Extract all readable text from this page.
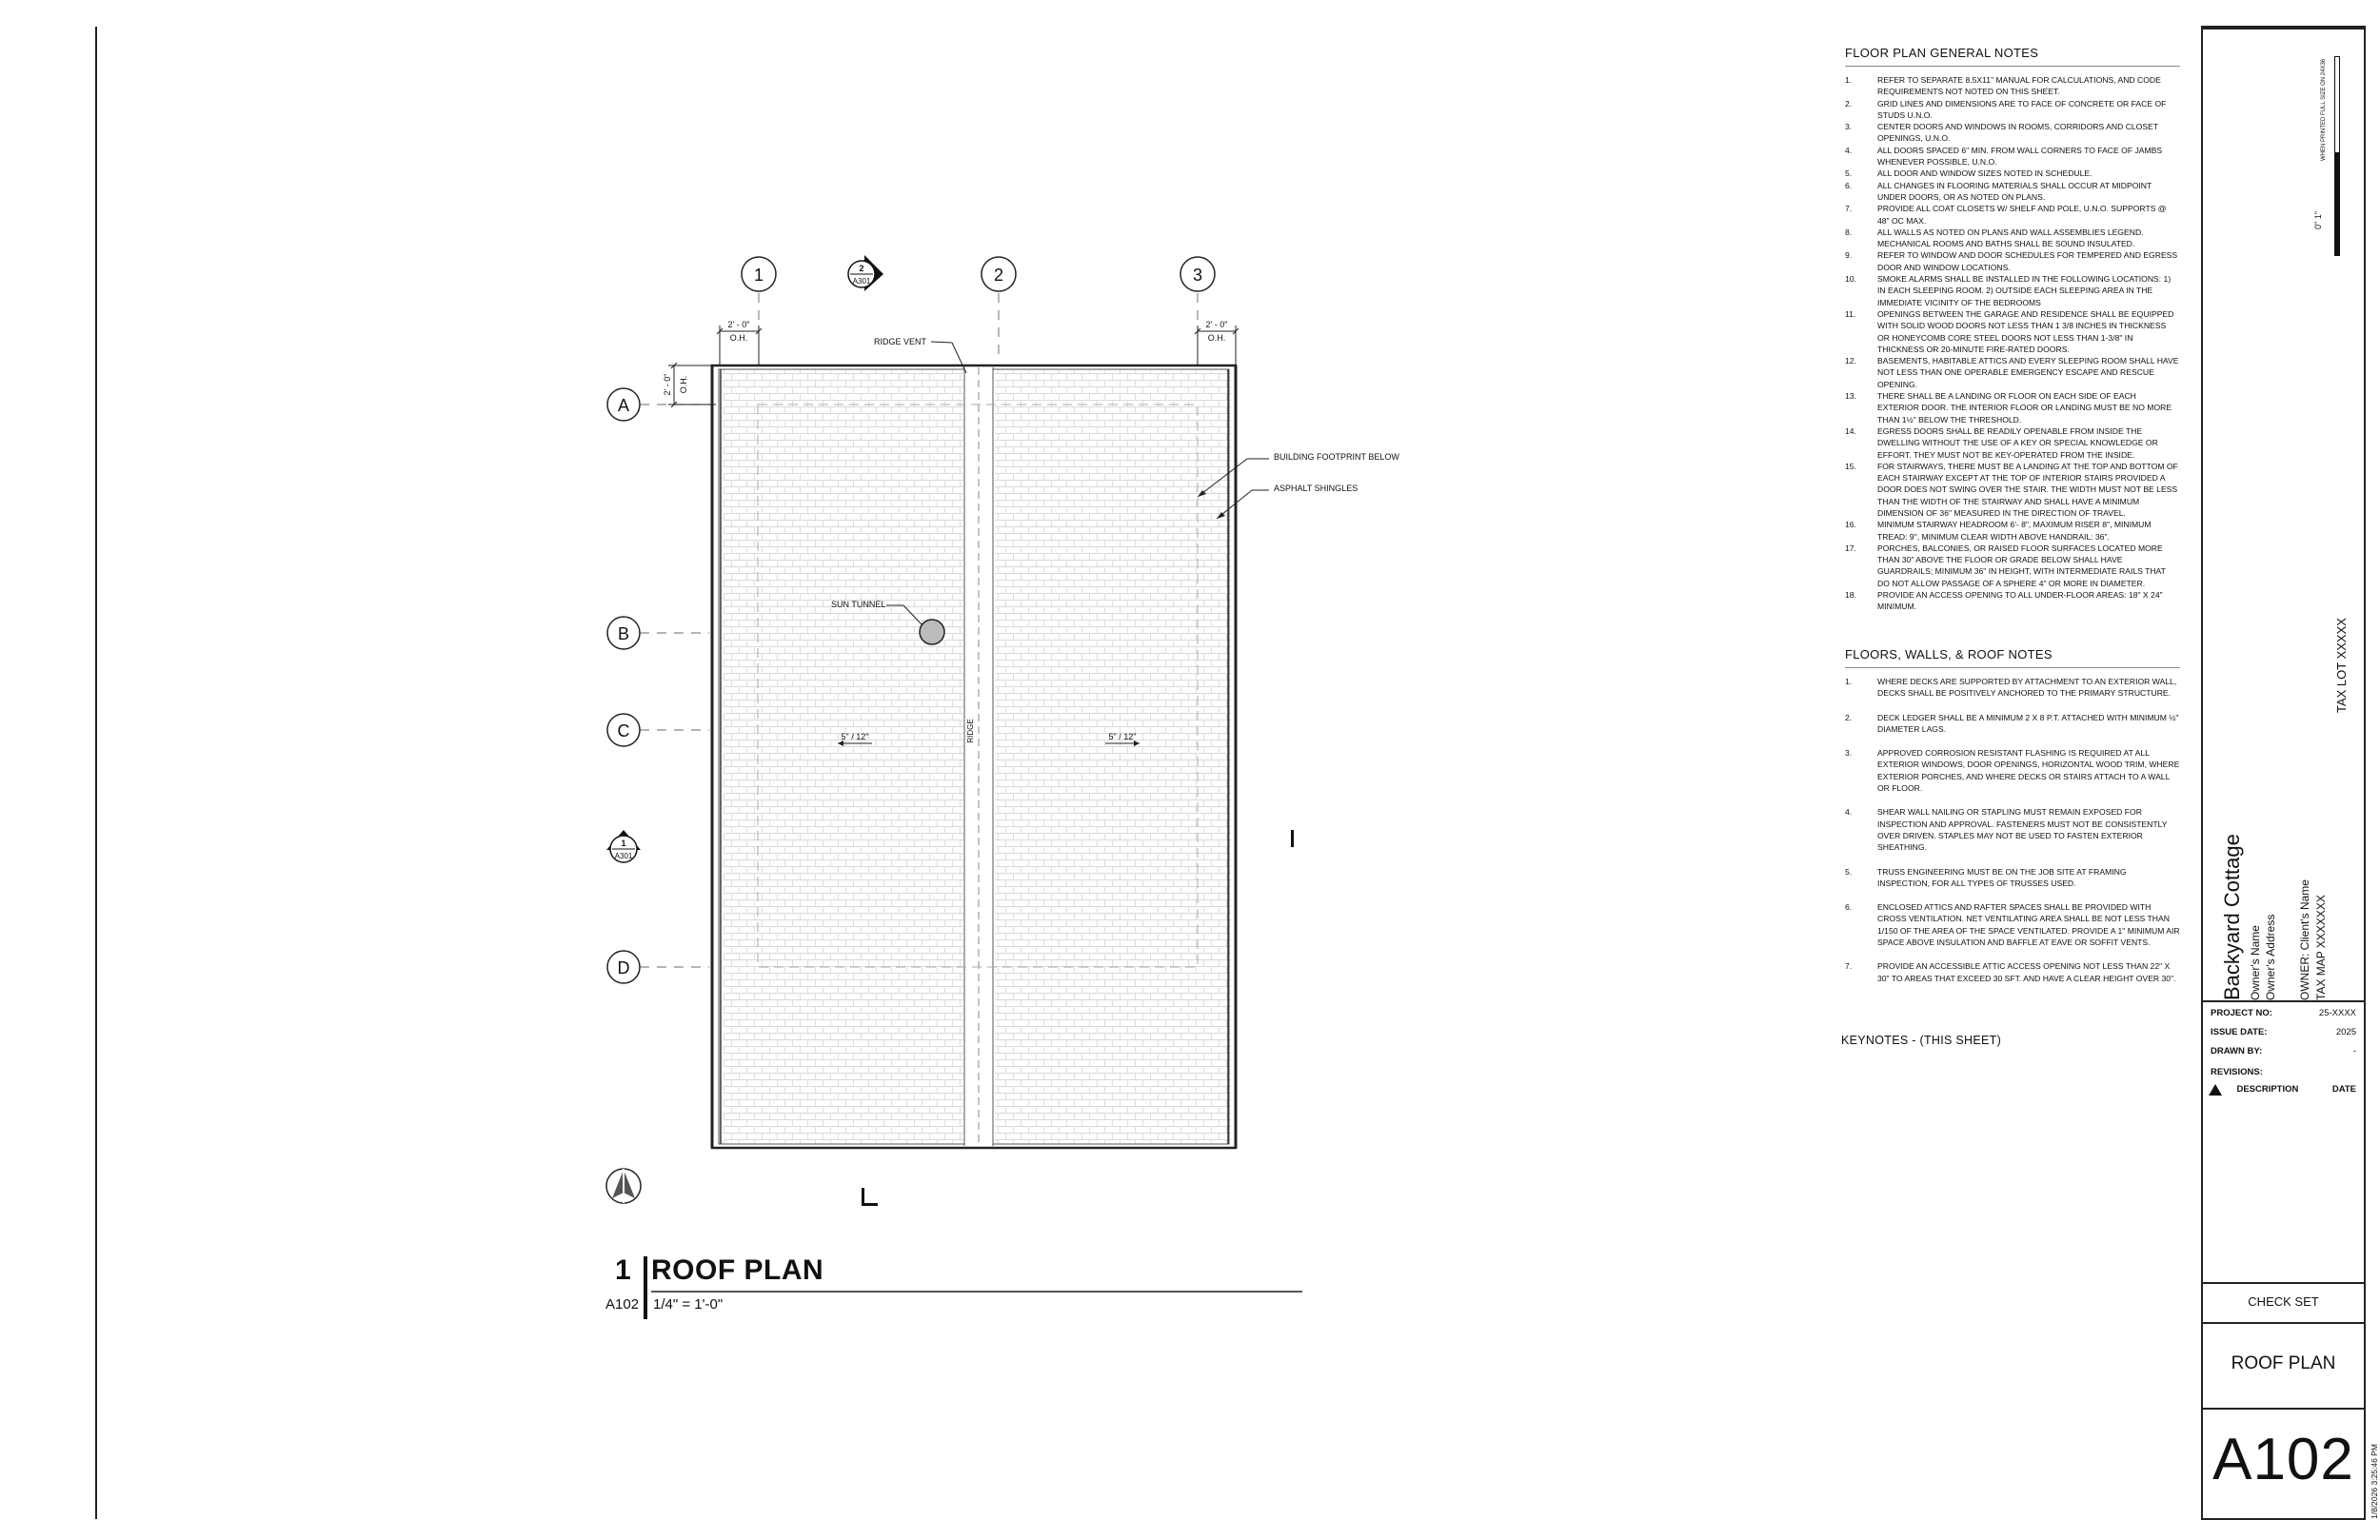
1	2	3
A
B
C
D
2
A301
1
A301
2' - 0"
O.H.
2' - 0"
O.H.
2' - 0" O.H.
RIDGE VENT
BUILDING FOOTPRINT BELOW
ASPHALT SHINGLES
SUN TUNNEL
5" / 12"	5" / 12"
RIDGE
1 ROOF PLAN
A102 1/4" = 1'-0"
FLOOR PLAN GENERAL NOTES
1.	REFER TO SEPARATE 8.5X11" MANUAL FOR CALCULATIONS, AND CODE REQUIREMENTS NOT NOTED ON THIS SHEET.
2.	GRID LINES AND DIMENSIONS ARE TO FACE OF CONCRETE OR FACE OF STUDS U.N.O.
3.	CENTER DOORS AND WINDOWS IN ROOMS, CORRIDORS AND CLOSET OPENINGS, U.N.O.
4.	ALL DOORS SPACED 6" MIN. FROM WALL CORNERS TO FACE OF JAMBS WHENEVER POSSIBLE, U.N.O.
5.	ALL DOOR AND WINDOW SIZES NOTED IN SCHEDULE.
6.	ALL CHANGES IN FLOORING MATERIALS SHALL OCCUR AT MIDPOINT UNDER DOORS, OR AS NOTED ON PLANS.
7.	PROVIDE ALL COAT CLOSETS W/ SHELF AND POLE, U.N.O. SUPPORTS @ 48" OC MAX.
8.	ALL WALLS AS NOTED ON PLANS AND WALL ASSEMBLIES LEGEND. MECHANICAL ROOMS AND BATHS SHALL BE SOUND INSULATED.
9.	REFER TO WINDOW AND DOOR SCHEDULES FOR TEMPERED AND EGRESS DOOR AND WINDOW LOCATIONS.
10.	SMOKE ALARMS SHALL BE INSTALLED IN THE FOLLOWING LOCATIONS: 1) IN EACH SLEEPING ROOM. 2) OUTSIDE EACH SLEEPING AREA IN THE IMMEDIATE VICINITY OF THE BEDROOMS
11.	OPENINGS BETWEEN THE GARAGE AND RESIDENCE SHALL BE EQUIPPED WITH SOLID WOOD DOORS NOT LESS THAN 1 3/8 INCHES IN THICKNESS OR HONEYCOMB CORE STEEL DOORS NOT LESS THAN 1-3/8" IN THICKNESS OR 20-MINUTE FIRE-RATED DOORS.
12.	BASEMENTS, HABITABLE ATTICS AND EVERY SLEEPING ROOM SHALL HAVE NOT LESS THAN ONE OPERABLE EMERGENCY ESCAPE AND RESCUE OPENING.
13.	THERE SHALL BE A LANDING OR FLOOR ON EACH SIDE OF EACH EXTERIOR DOOR. THE INTERIOR FLOOR OR LANDING MUST BE NO MORE THAN 1½" BELOW THE THRESHOLD.
14.	EGRESS DOORS SHALL BE READILY OPENABLE FROM INSIDE THE DWELLING WITHOUT THE USE OF A KEY OR SPECIAL KNOWLEDGE OR EFFORT. THEY MUST NOT BE KEY-OPERATED FROM THE INSIDE.
15.	FOR STAIRWAYS, THERE MUST BE A LANDING AT THE TOP AND BOTTOM OF EACH STAIRWAY EXCEPT AT THE TOP OF INTERIOR STAIRS PROVIDED A DOOR DOES NOT SWING OVER THE STAIR. THE WIDTH MUST NOT BE LESS THAN THE WIDTH OF THE STAIRWAY AND SHALL HAVE A MINIMUM DIMENSION OF 36" MEASURED IN THE DIRECTION OF TRAVEL.
16.	MINIMUM STAIRWAY HEADROOM 6'- 8", MAXIMUM RISER 8", MINIMUM TREAD: 9", MINIMUM CLEAR WIDTH ABOVE HANDRAIL: 36".
17.	PORCHES, BALCONIES, OR RAISED FLOOR SURFACES LOCATED MORE THAN 30" ABOVE THE FLOOR OR GRADE BELOW SHALL HAVE GUARDRAILS; MINIMUM 36" IN HEIGHT, WITH INTERMEDIATE RAILS THAT DO NOT ALLOW PASSAGE OF A SPHERE 4" OR MORE IN DIAMETER.
18.	PROVIDE AN ACCESS OPENING TO ALL UNDER-FLOOR AREAS: 18" X 24" MINIMUM.
FLOORS, WALLS, & ROOF NOTES
1.	WHERE DECKS ARE SUPPORTED BY ATTACHMENT TO AN EXTERIOR WALL, DECKS SHALL BE POSITIVELY ANCHORED TO THE PRIMARY STRUCTURE.
2.	DECK LEDGER SHALL BE A MINIMUM 2 X 8 P.T. ATTACHED WITH MINIMUM ½" DIAMETER LAGS.
3.	APPROVED CORROSION RESISTANT FLASHING IS REQUIRED AT ALL EXTERIOR WINDOWS, DOOR OPENINGS, HORIZONTAL WOOD TRIM, WHERE EXTERIOR PORCHES, AND WHERE DECKS OR STAIRS ATTACH TO A WALL OR FLOOR.
4.	SHEAR WALL NAILING OR STAPLING MUST REMAIN EXPOSED FOR INSPECTION AND APPROVAL. FASTENERS MUST NOT BE CONSISTENTLY OVER DRIVEN. STAPLES MAY NOT BE USED TO FASTEN EXTERIOR SHEATHING.
5.	TRUSS ENGINEERING MUST BE ON THE JOB SITE AT FRAMING INSPECTION, FOR ALL TYPES OF TRUSSES USED.
6.	ENCLOSED ATTICS AND RAFTER SPACES SHALL BE PROVIDED WITH CROSS VENTILATION. NET VENTILATING AREA SHALL BE NOT LESS THAN 1/150 OF THE AREA OF THE SPACE VENTILATED. PROVIDE A 1" MINIMUM AIR SPACE ABOVE INSULATION AND BAFFLE AT EAVE OR SOFFIT VENTS.
7.	PROVIDE AN ACCESSIBLE ATTIC ACCESS OPENING NOT LESS THAN 22" X 30" TO AREAS THAT EXCEED 30 SFT. AND HAVE A CLEAR HEIGHT OVER 30".
KEYNOTES - (THIS SHEET)
WHEN PRINTED FULL SIZE ON 24X36
0" 1"
TAX LOT XXXXX
Backyard Cottage Owner's Name Owner's Address OWNER: Client's Name TAX MAP XXXXXXX
PROJECT NO:	25-XXXX
ISSUE DATE:	2025
DRAWN BY:	-
REVISIONS:
DESCRIPTION	DATE
CHECK SET
ROOF PLAN
A102	1/8/2026 3:25:46 PM
